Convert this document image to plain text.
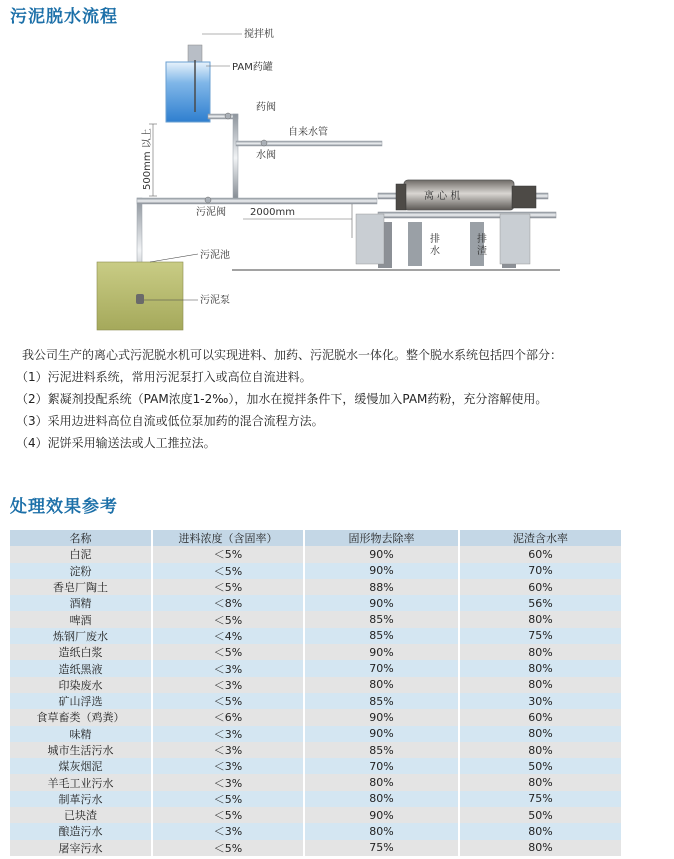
污泥脱水流程
搅拌机
PAM药罐
药阀
自来水管
水阀
500mm 以上
污泥阀 2000mm
离 心 机
排水
排渣
污泥池
污泥泵
我公司生产的离心式污泥脱水机可以实现进料、加药、污泥脱水一体化。整个脱水系统包括四个部分：
（1）污泥进料系统，常用污泥泵打入或高位自流进料。
（2）絮凝剂投配系统（PAM浓度1-2‰），加水在搅拌条件下，缓慢加入PAM药粉，充分溶解使用。
（3）采用边进料高位自流或低位泵加药的混合流程方法。
（4）泥饼采用输送法或人工推拉法。
处理效果参考
名称	进料浓度（含固率）	固形物去除率	泥渣含水率
白泥	＜5%	90%	60%
淀粉	＜5%	90%	70%
香皂厂陶土	＜5%	88%	60%
酒精	＜8%	90%	56%
啤酒	＜5%	85%	80%
炼钢厂废水	＜4%	85%	75%
造纸白浆	＜5%	90%	80%
造纸黑液	＜3%	70%	80%
印染废水	＜3%	80%	80%
矿山浮选	＜5%	85%	30%
食草畜类（鸡粪）	＜6%	90%	60%
味精	＜3%	90%	80%
城市生活污水	＜3%	85%	80%
煤灰烟泥	＜3%	70%	50%
羊毛工业污水	＜3%	80%	80%
制革污水	＜5%	80%	75%
已块渣	＜5%	90%	50%
酿造污水	＜3%	80%	80%
屠宰污水	＜5%	75%	80%
